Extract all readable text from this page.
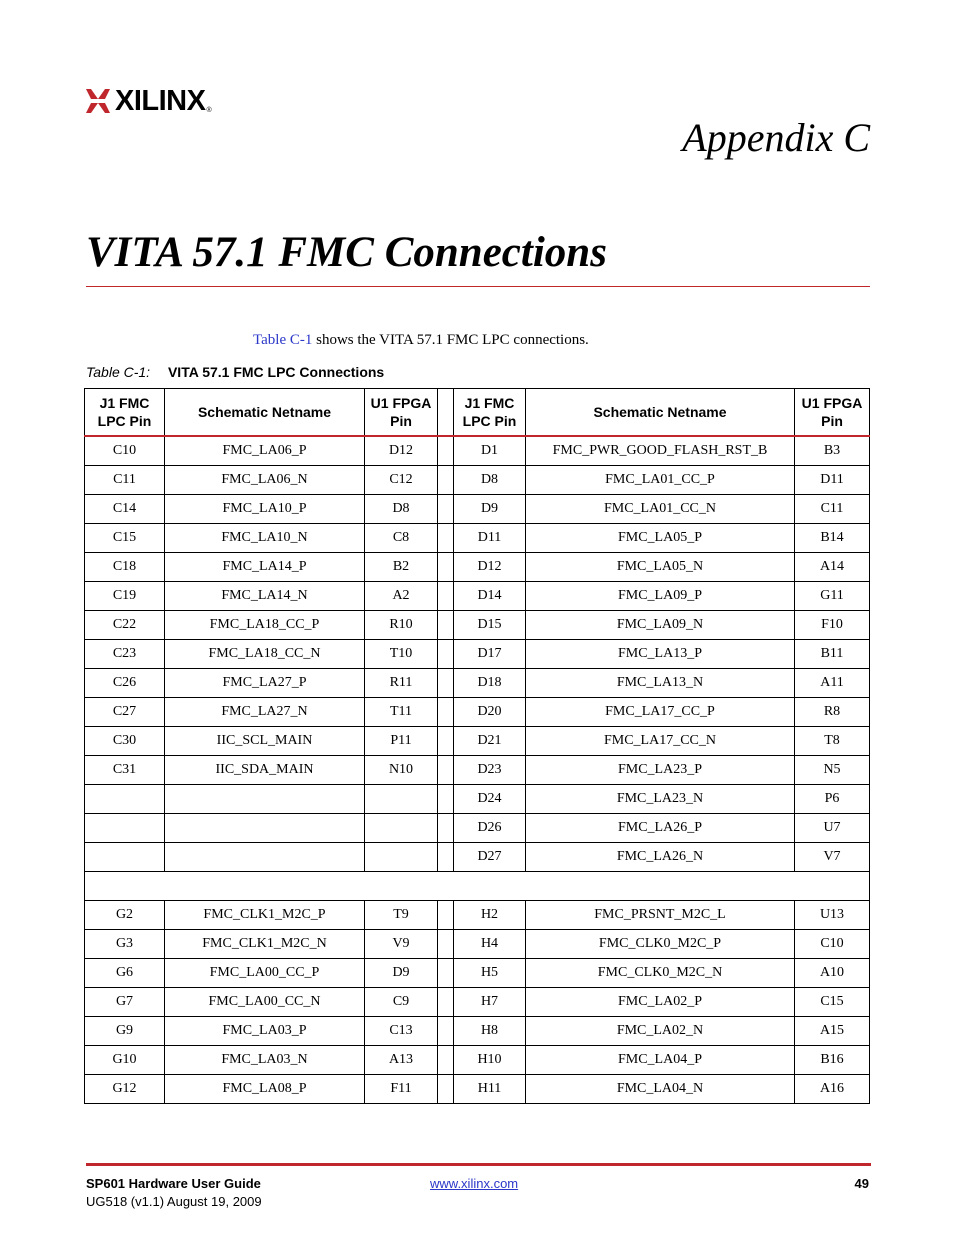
XILINX ®
Appendix C
VITA 57.1 FMC Connections
Table C-1 shows the VITA 57.1 FMC LPC connections.
Table C-1: VITA 57.1 FMC LPC Connections
J1 FMC LPC Pin	Schematic Netname	U1 FPGA Pin		J1 FMC LPC Pin	Schematic Netname	U1 FPGA Pin
C10	FMC_LA06_P	D12		D1	FMC_PWR_GOOD_FLASH_RST_B	B3
C11	FMC_LA06_N	C12		D8	FMC_LA01_CC_P	D11
C14	FMC_LA10_P	D8		D9	FMC_LA01_CC_N	C11
C15	FMC_LA10_N	C8		D11	FMC_LA05_P	B14
C18	FMC_LA14_P	B2		D12	FMC_LA05_N	A14
C19	FMC_LA14_N	A2		D14	FMC_LA09_P	G11
C22	FMC_LA18_CC_P	R10		D15	FMC_LA09_N	F10
C23	FMC_LA18_CC_N	T10		D17	FMC_LA13_P	B11
C26	FMC_LA27_P	R11		D18	FMC_LA13_N	A11
C27	FMC_LA27_N	T11		D20	FMC_LA17_CC_P	R8
C30	IIC_SCL_MAIN	P11		D21	FMC_LA17_CC_N	T8
C31	IIC_SDA_MAIN	N10		D23	FMC_LA23_P	N5
				D24	FMC_LA23_N	P6
				D26	FMC_LA26_P	U7
				D27	FMC_LA26_N	V7

G2	FMC_CLK1_M2C_P	T9		H2	FMC_PRSNT_M2C_L	U13
G3	FMC_CLK1_M2C_N	V9		H4	FMC_CLK0_M2C_P	C10
G6	FMC_LA00_CC_P	D9		H5	FMC_CLK0_M2C_N	A10
G7	FMC_LA00_CC_N	C9		H7	FMC_LA02_P	C15
G9	FMC_LA03_P	C13		H8	FMC_LA02_N	A15
G10	FMC_LA03_N	A13		H10	FMC_LA04_P	B16
G12	FMC_LA08_P	F11		H11	FMC_LA04_N	A16
SP601 Hardware User Guide
UG518 (v1.1) August 19, 2009
www.xilinx.com	49
